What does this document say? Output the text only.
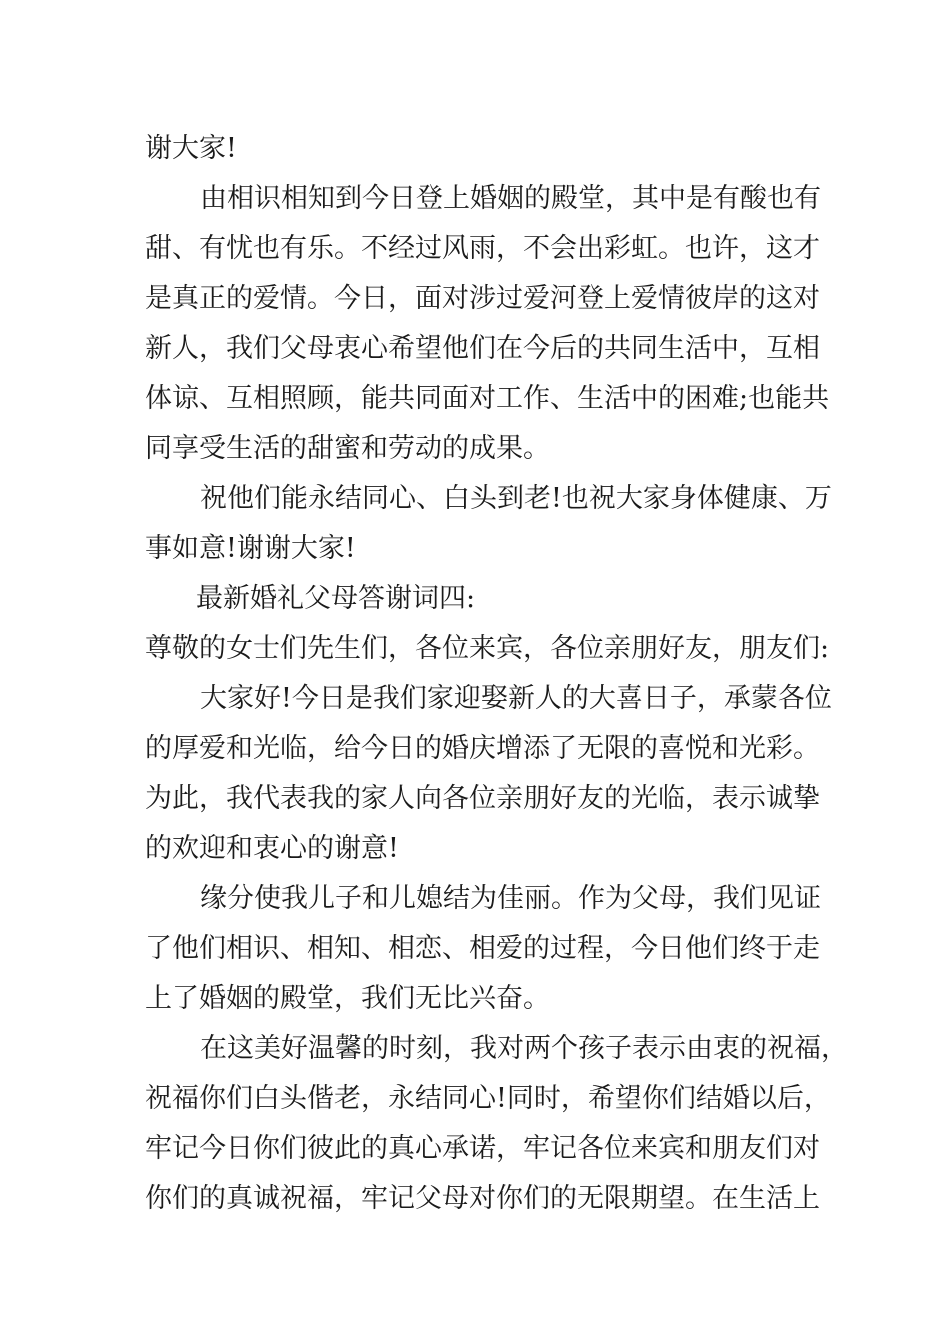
谢大家!

由相识相知到今日登上婚姻的殿堂，其中是有酸也有

甜、有忧也有乐。不经过风雨，不会出彩虹。也许，这才

是真正的爱情。今日，面对涉过爱河登上爱情彼岸的这对

新人，我们父母衷心希望他们在今后的共同生活中，互相

体谅、互相照顾，能共同面对工作、生活中的困难;也能共

同享受生活的甜蜜和劳动的成果。

祝他们能永结同心、白头到老!也祝大家身体健康、万

事如意!谢谢大家!

最新婚礼父母答谢词四:

尊敬的女士们先生们，各位来宾，各位亲朋好友，朋友们:

大家好!今日是我们家迎娶新人的大喜日子，承蒙各位

的厚爱和光临，给今日的婚庆增添了无限的喜悦和光彩。

为此，我代表我的家人向各位亲朋好友的光临，表示诚挚

的欢迎和衷心的谢意!

缘分使我儿子和儿媳结为佳丽。作为父母，我们见证

了他们相识、相知、相恋、相爱的过程，今日他们终于走

上了婚姻的殿堂，我们无比兴奋。

在这美好温馨的时刻，我对两个孩子表示由衷的祝福，

祝福你们白头偕老，永结同心!同时，希望你们结婚以后，

牢记今日你们彼此的真心承诺，牢记各位来宾和朋友们对

你们的真诚祝福，牢记父母对你们的无限期望。在生活上
